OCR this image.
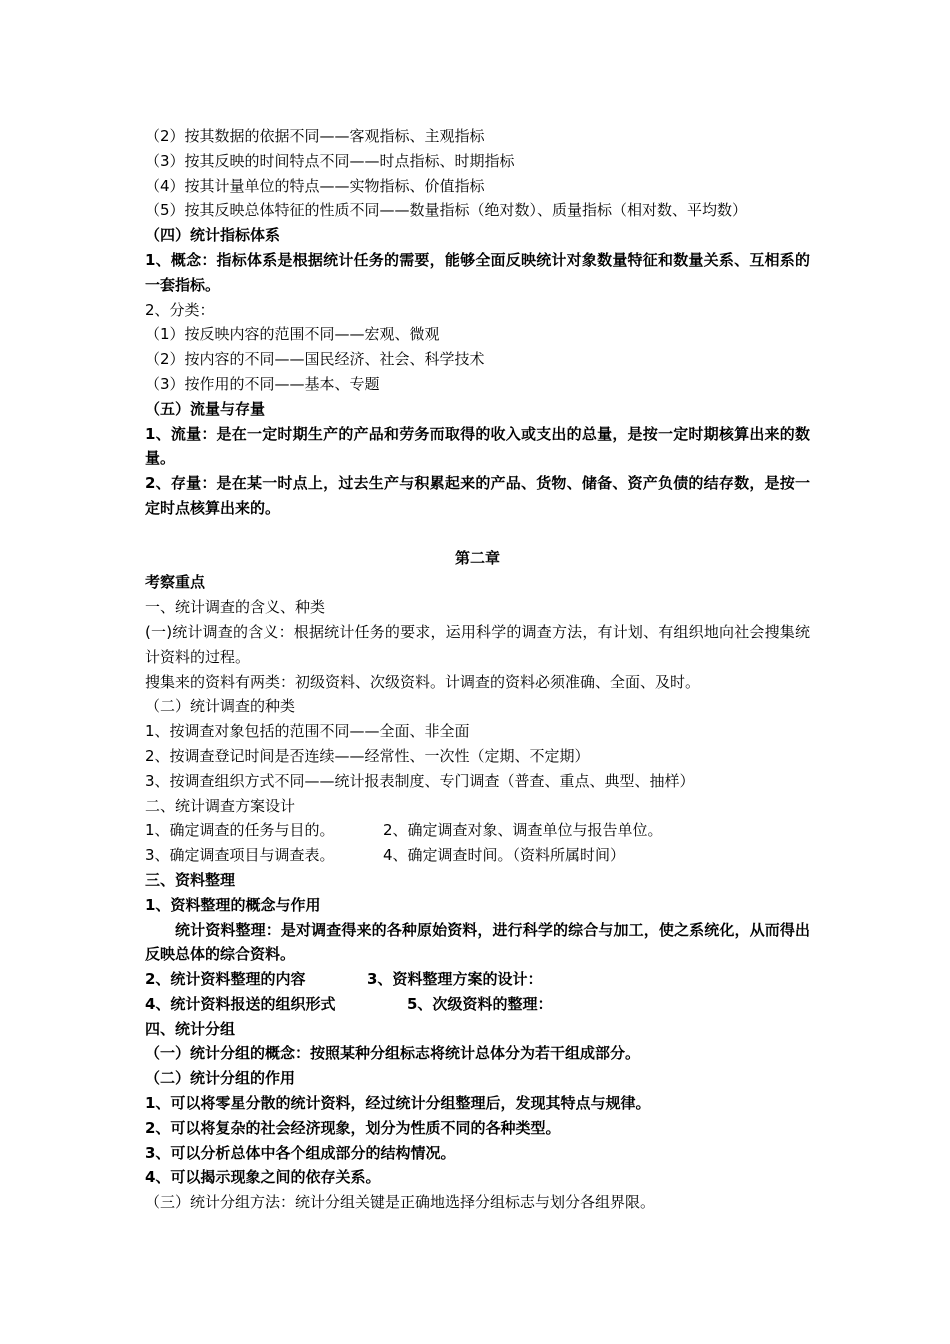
（2）按其数据的依据不同——客观指标、主观指标
（3）按其反映的时间特点不同——时点指标、时期指标
（4）按其计量单位的特点——实物指标、价值指标
（5）按其反映总体特征的性质不同——数量指标（绝对数）、质量指标（相对数、平均数）
（四）统计指标体系
1、概念：指标体系是根据统计任务的需要，能够全面反映统计对象数量特征和数量关系、互相系的一套指标。
2、分类：
（1）按反映内容的范围不同——宏观、微观
（2）按内容的不同——国民经济、社会、科学技术
（3）按作用的不同——基本、专题
（五）流量与存量
1、流量：是在一定时期生产的产品和劳务而取得的收入或支出的总量，是按一定时期核算出来的数量。
2、存量：是在某一时点上，过去生产与积累起来的产品、货物、储备、资产负债的结存数，是按一定时点核算出来的。
第二章
考察重点
一、统计调查的含义、种类
(一)统计调查的含义：根据统计任务的要求，运用科学的调查方法，有计划、有组织地向社会搜集统计资料的过程。
搜集来的资料有两类：初级资料、次级资料。计调查的资料必须准确、全面、及时。
（二）统计调查的种类
1、按调查对象包括的范围不同——全面、非全面
2、按调查登记时间是否连续——经常性、一次性（定期、不定期）
3、按调查组织方式不同——统计报表制度、专门调查（普查、重点、典型、抽样）
二、统计调查方案设计
1、确定调查的任务与目的。	2、确定调查对象、调查单位与报告单位。
3、确定调查项目与调查表。	4、确定调查时间。（资料所属时间）
三、资料整理
1、资料整理的概念与作用
统计资料整理：是对调查得来的各种原始资料，进行科学的综合与加工，使之系统化，从而得出反映总体的综合资料。
2、统计资料整理的内容	3、资料整理方案的设计：
4、统计资料报送的组织形式	5、次级资料的整理：
四、统计分组
（一）统计分组的概念：按照某种分组标志将统计总体分为若干组成部分。
（二）统计分组的作用
1、可以将零星分散的统计资料，经过统计分组整理后，发现其特点与规律。
2、可以将复杂的社会经济现象，划分为性质不同的各种类型。
3、可以分析总体中各个组成部分的结构情况。
4、可以揭示现象之间的依存关系。
（三）统计分组方法：统计分组关键是正确地选择分组标志与划分各组界限。
